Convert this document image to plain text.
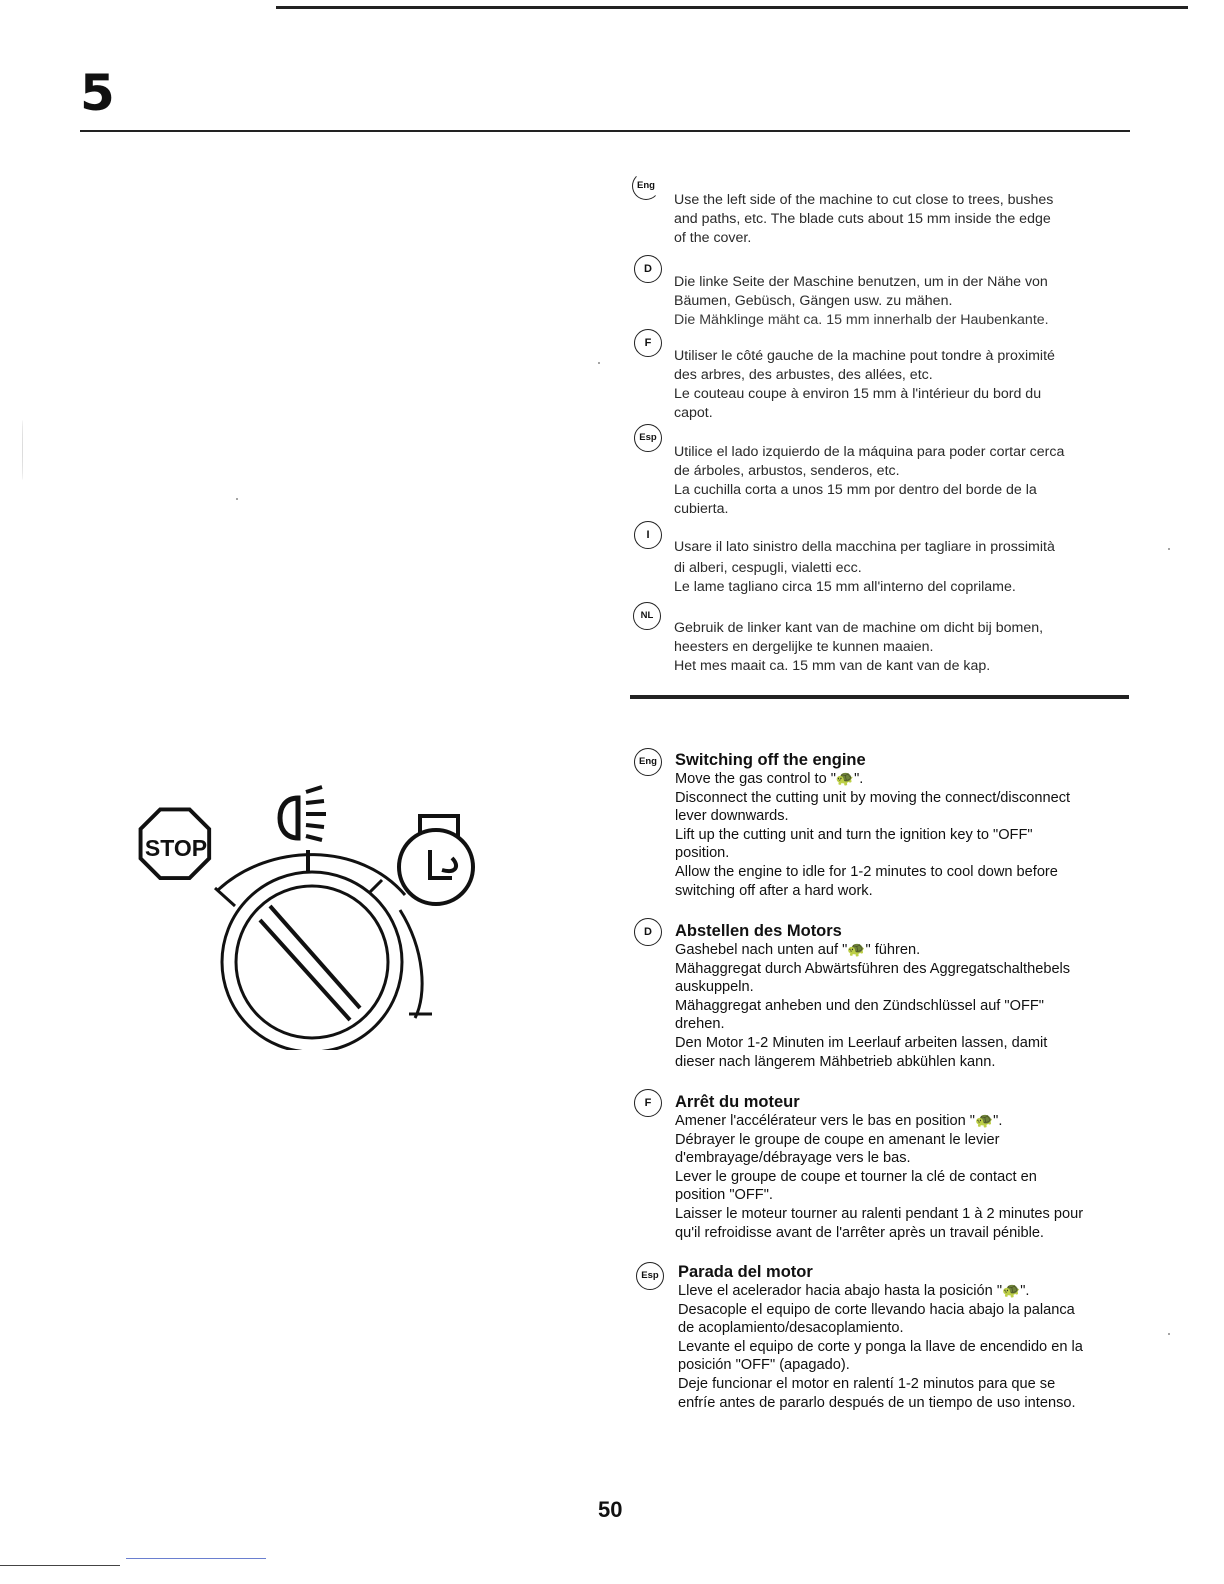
5
Eng

Use the left side of the machine to cut close to trees, bushes

and paths, etc. The blade cuts about 15 mm inside the edge

of the cover.

D

Die linke Seite der Maschine benutzen, um in der Nähe von

Bäumen, Gebüsch, Gängen usw. zu mähen.

Die Mähklinge mäht ca. 15 mm innerhalb der Haubenkante.

F

Utiliser le côté gauche de la machine pout tondre à proximité

des arbres, des arbustes, des allées, etc.

Le couteau coupe à environ 15 mm à l'intérieur du bord du

capot.

Esp

Utilice el lado izquierdo de la máquina para poder cortar cerca

de árboles, arbustos, senderos, etc.

La cuchilla corta a unos 15 mm por dentro del borde de la

cubierta.

I

Usare il lato sinistro della macchina per tagliare in prossimità

di alberi, cespugli, vialetti ecc.

Le lame tagliano circa 15 mm all'interno del coprilame.

NL

Gebruik de linker kant van de machine om dicht bij bomen,

heesters en dergelijke te kunnen maaien.

Het mes maait ca. 15 mm van de kant van de kap.

STOP
Eng	Switching off the engine

Move the gas control to "🐢".

Disconnect the cutting unit by moving the connect/disconnect

lever downwards.

Lift up the cutting unit and turn the ignition key to "OFF"

position.

Allow the engine to idle for 1-2 minutes to cool down before

switching off after a hard work.

D	Abstellen des Motors

Gashebel nach unten auf "🐢" führen.

Mähaggregat durch Abwärtsführen des Aggregatschalthebels

auskuppeln.

Mähaggregat anheben und den Zündschlüssel auf "OFF"

drehen.

Den Motor 1-2 Minuten im Leerlauf arbeiten lassen, damit

dieser nach längerem Mähbetrieb abkühlen kann.

F	Arrêt du moteur

Amener l'accélérateur vers le bas en position "🐢".

Débrayer le groupe de coupe en amenant le levier

d'embrayage/débrayage vers le bas.

Lever le groupe de coupe et tourner la clé de contact en

position "OFF".

Laisser le moteur tourner au ralenti pendant 1 à 2 minutes pour

qu'il refroidisse avant de l'arrêter après un travail pénible.

Esp	Parada del motor

Lleve el acelerador hacia abajo hasta la posición "🐢".

Desacople el equipo de corte llevando hacia abajo la palanca

de acoplamiento/desacoplamiento.

Levante el equipo de corte y ponga la llave de encendido en la

posición "OFF" (apagado).

Deje funcionar el motor en ralentí 1-2 minutos para que se

enfríe antes de pararlo después de un tiempo de uso intenso.

50
